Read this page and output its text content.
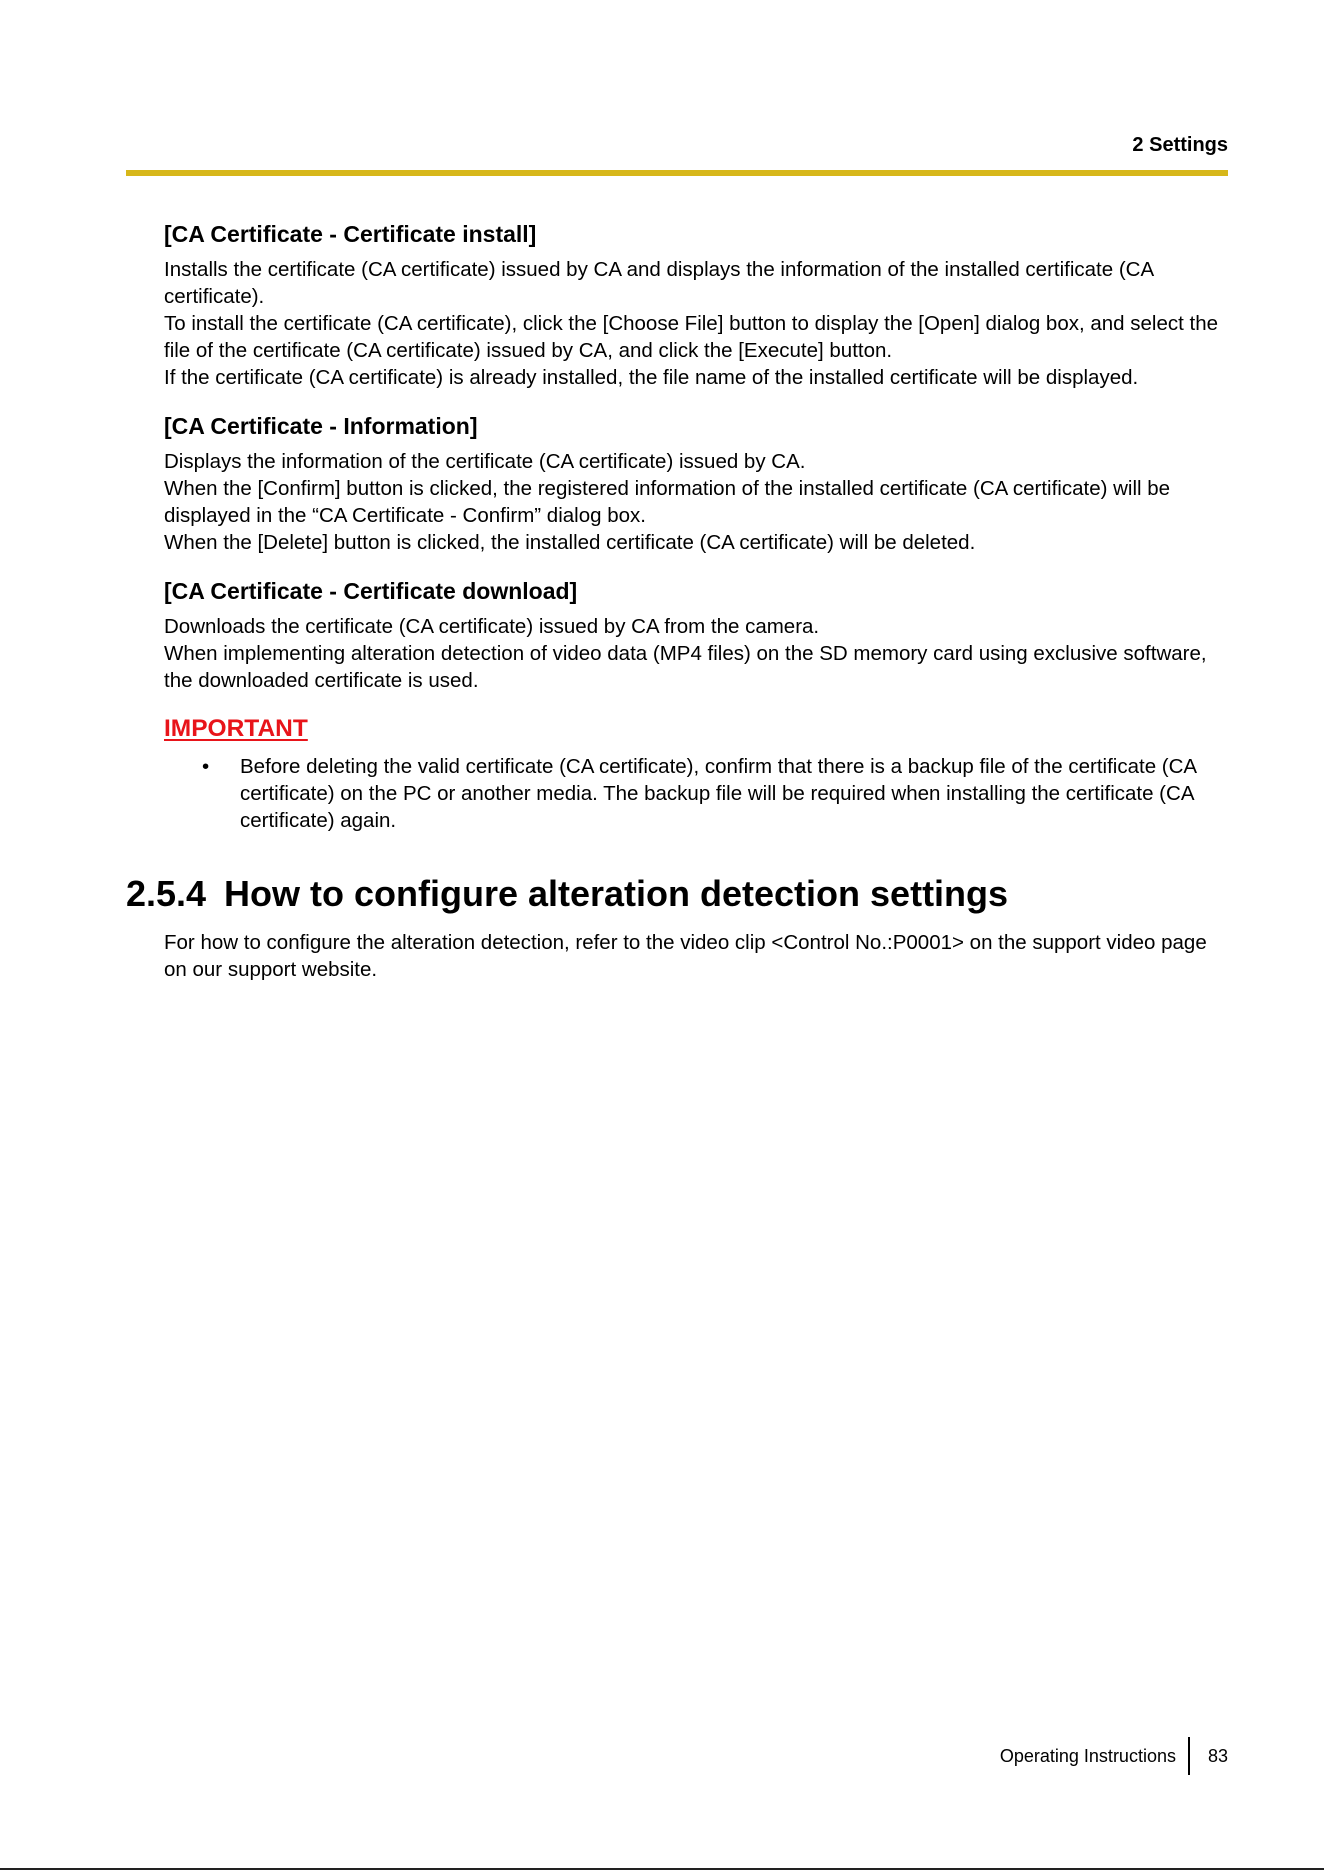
2 Settings
[CA Certificate - Certificate install]

Installs the certificate (CA certificate) issued by CA and displays the information of the installed certificate (CA certificate).

To install the certificate (CA certificate), click the [Choose File] button to display the [Open] dialog box, and select the file of the certificate (CA certificate) issued by CA, and click the [Execute] button.

If the certificate (CA certificate) is already installed, the file name of the installed certificate will be displayed.

[CA Certificate - Information]

Displays the information of the certificate (CA certificate) issued by CA.

When the [Confirm] button is clicked, the registered information of the installed certificate (CA certificate) will be displayed in the “CA Certificate - Confirm” dialog box.

When the [Delete] button is clicked, the installed certificate (CA certificate) will be deleted.

[CA Certificate - Certificate download]

Downloads the certificate (CA certificate) issued by CA from the camera.

When implementing alteration detection of video data (MP4 files) on the SD memory card using exclusive software, the downloaded certificate is used.

IMPORTANT
• Before deleting the valid certificate (CA certificate), confirm that there is a backup file of the certificate (CA certificate) on the PC or another media. The backup file will be required when installing the certificate (CA certificate) again.
2.5.4 How to configure alteration detection settings

For how to configure the alteration detection, refer to the video clip <Control No.:P0001> on the support video page on our support website.

Operating Instructions 83
